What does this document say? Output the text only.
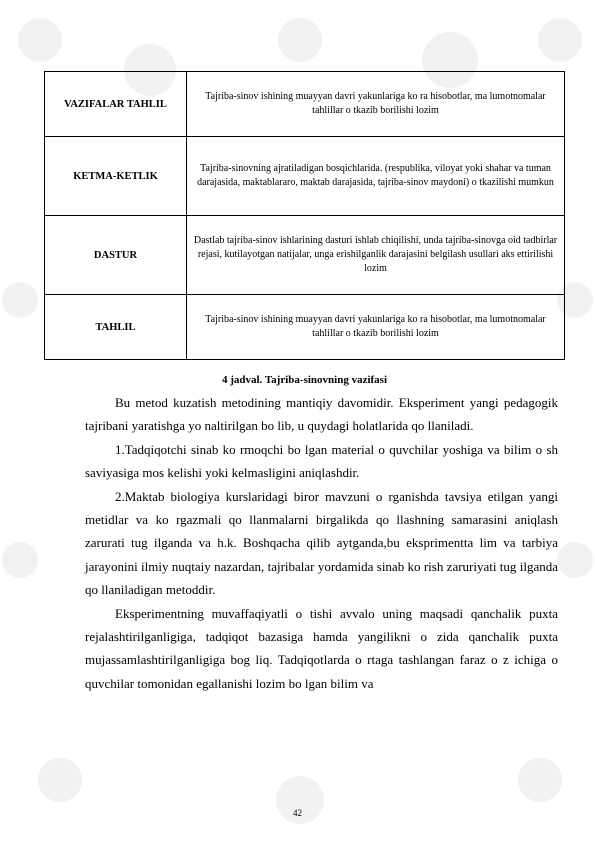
VAZIFALAR TAHLIL	Tajriba-sinov ishining muayyan davri yakunlariga ko ra hisobotlar, ma lumotnomalar tahlillar o tkazib borilishi lozim
KETMA-KETLIK	Tajriba-sinovning ajratiladigan bosqichlarida. (respublika, viloyat yoki shahar va tuman darajasida, maktablararo, maktab darajasida, tajriba-sinov maydoni) o tkazilishi mumkun
DASTUR	Dastlab tajriba-sinov ishlarining dasturi ishlab chiqilishi, unda tajriba-sinovga oid tadbirlar rejasi, kutilayotgan natijalar, unga erishilganlik darajasini belgilash usullari aks ettirilishi lozim
TAHLIL	Tajriba-sinov ishining muayyan davri yakunlariga ko ra hisobotlar, ma lumotnomalar tahlillar o tkazib borilishi lozim
4 jadval. Tajriba-sinovning vazifasi

Bu metod kuzatish metodining mantiqiy davomidir. Eksperiment yangi pedagogik tajribani yaratishga yo naltirilgan bo lib, u quydagi holatlarida qo llaniladi.

1.Tadqiqotchi sinab ko rmoqchi bo lgan material o quvchilar yoshiga va bilim o sh saviyasiga mos kelishi yoki kelmasligini aniqlashdir.

2.Maktab biologiya kurslaridagi biror mavzuni o rganishda tavsiya etilgan yangi metidlar va ko rgazmali qo llanmalarni birgalikda qo llashning samarasini aniqlash zarurati tug ilganda va h.k. Boshqacha qilib aytganda,bu eksprimenttа lim va tarbiya jarayonini ilmiy nuqtaiy nazardan, tajribalar yordamida sinab ko rish zaruriyati tug ilganda qo llaniladigan metoddir.

Eksperimentning muvaffaqiyatli o tishi avvalo uning maqsadi qanchalik puxta rejalashtirilganligiga, tadqiqot bazasiga hamda yangilikni o zida qanchalik puxta mujassamlashtirilganligiga bog liq. Tadqiqotlarda o rtaga tashlangan faraz o z ichiga o quvchilar tomonidan egallanishi lozim bo lgan bilim va

42
